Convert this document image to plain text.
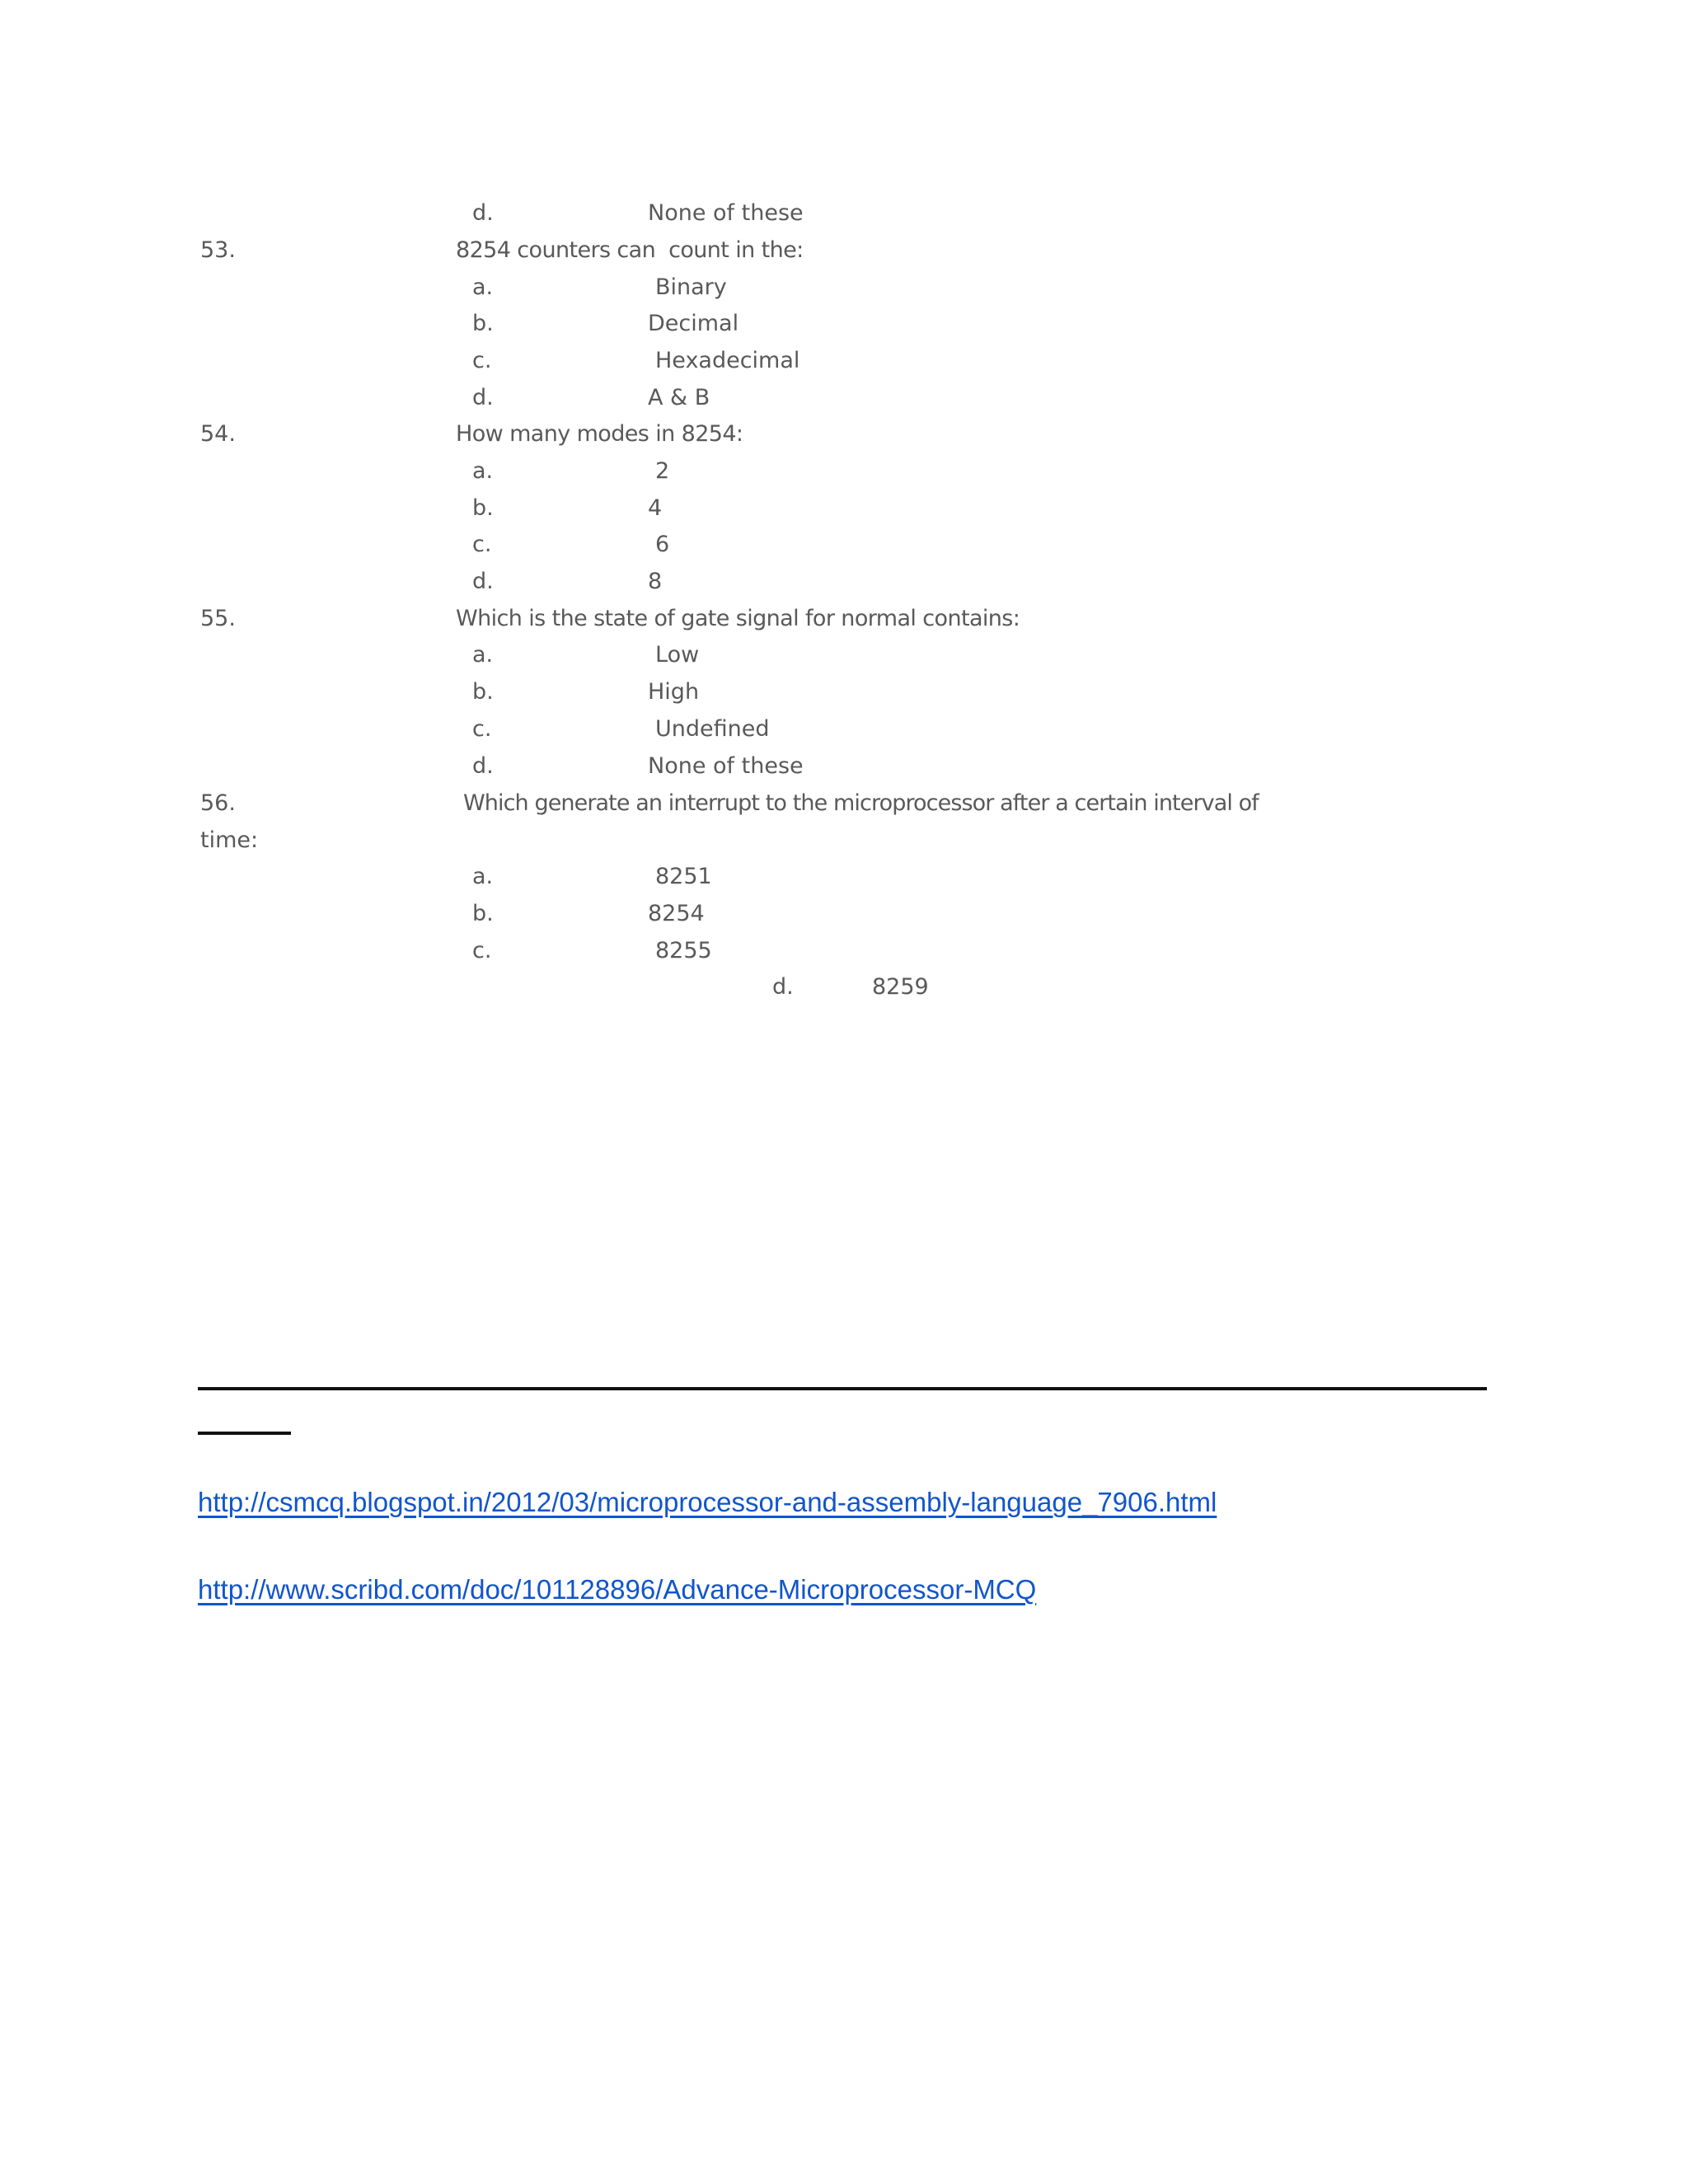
d.	None of these
53.	8254 counters can  count in the:
a.	Binary
b.	Decimal
c.	Hexadecimal
d.	A & B
54.	How many modes in 8254:
a.	2
b.	4
c.	6
d.	8
55.	Which is the state of gate signal for normal contains:
a.	Low
b.	High
c.	Undefined
d.	None of these
56.	Which generate an interrupt to the microprocessor after a certain interval of
time:
a.	8251
b.	8254
c.	8255
d.	8259
http://csmcq.blogspot.in/2012/03/microprocessor-and-assembly-language_7906.html
http://www.scribd.com/doc/101128896/Advance-Microprocessor-MCQ
